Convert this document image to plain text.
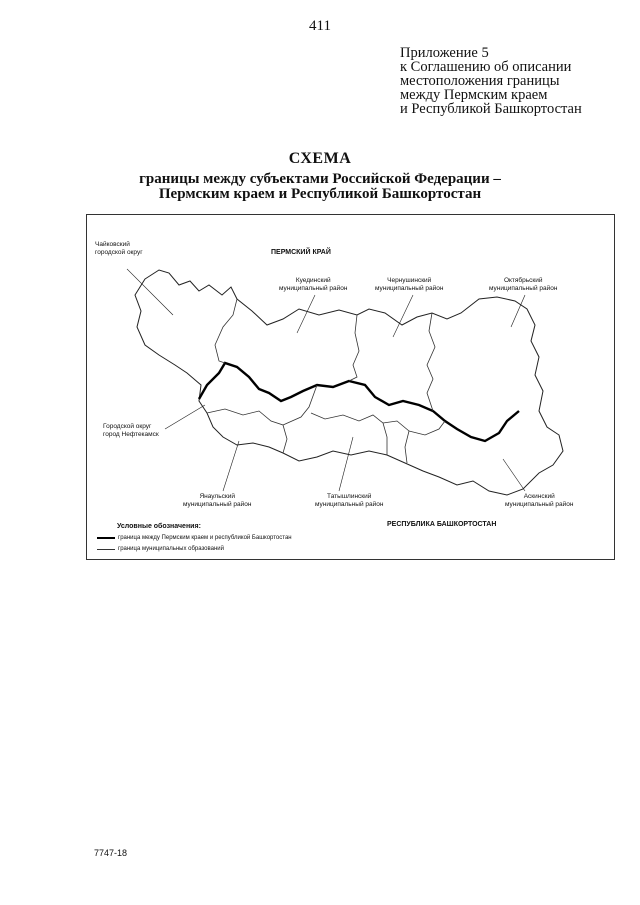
411
Приложение 5
к Соглашению об описании
местоположения границы
между Пермским краем
и Республикой Башкортостан
СХЕМА
границы между субъектами Российской Федерации –
Пермским краем и Республикой Башкортостан
ПЕРМСКИЙ КРАЙ
РЕСПУБЛИКА БАШКОРТОСТАН
Чайковский
городской округ
Куединский
муниципальный район
Чернушинский
муниципальный район
Октябрьский
муниципальный район
Городской округ
город Нефтекамск
Янаульский
муниципальный район
Татышлинский
муниципальный район
Аскинский
муниципальный район
Условные обозначения:
граница между Пермским краем и республикой Башкортостан
граница муниципальных образований
7747-18
